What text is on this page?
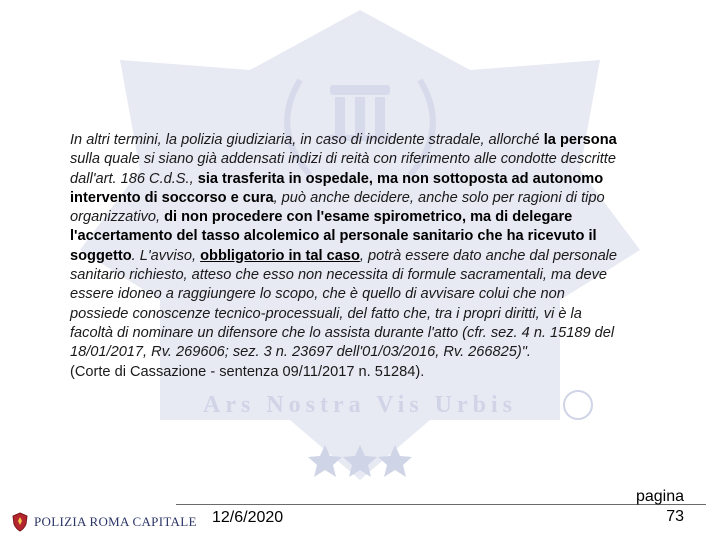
Ars Nostra Vis Urbis

In altri termini, la polizia giudiziaria, in caso di incidente stradale, allorché la persona
sulla quale si siano già addensati indizi di reità con riferimento alle condotte descritte
dall'art. 186 C.d.S., sia trasferita in ospedale, ma non sottoposta ad autonomo
intervento di soccorso e cura, può anche decidere, anche solo per ragioni di tipo
organizzativo, di non procedere con l'esame spirometrico, ma di delegare
l'accertamento del tasso alcolemico al personale sanitario che ha ricevuto il
soggetto. L'avviso, obbligatorio in tal caso, potrà essere dato anche dal personale
sanitario richiesto, atteso che esso non necessita di formule sacramentali, ma deve
essere idoneo a raggiungere lo scopo, che è quello di avvisare colui che non
possiede conoscenze tecnico-processuali, del fatto che, tra i propri diritti, vi è la
facoltà di nominare un difensore che lo assista durante l'atto (cfr. sez. 4 n. 15189 del
18/01/2017, Rv. 269606; sez. 3 n. 23697 dell'01/03/2016, Rv. 266825)".

(Corte di Cassazione - sentenza 09/11/2017 n. 51284).

POLIZIA ROMA CAPITALE 12/6/2020
pagina
73
